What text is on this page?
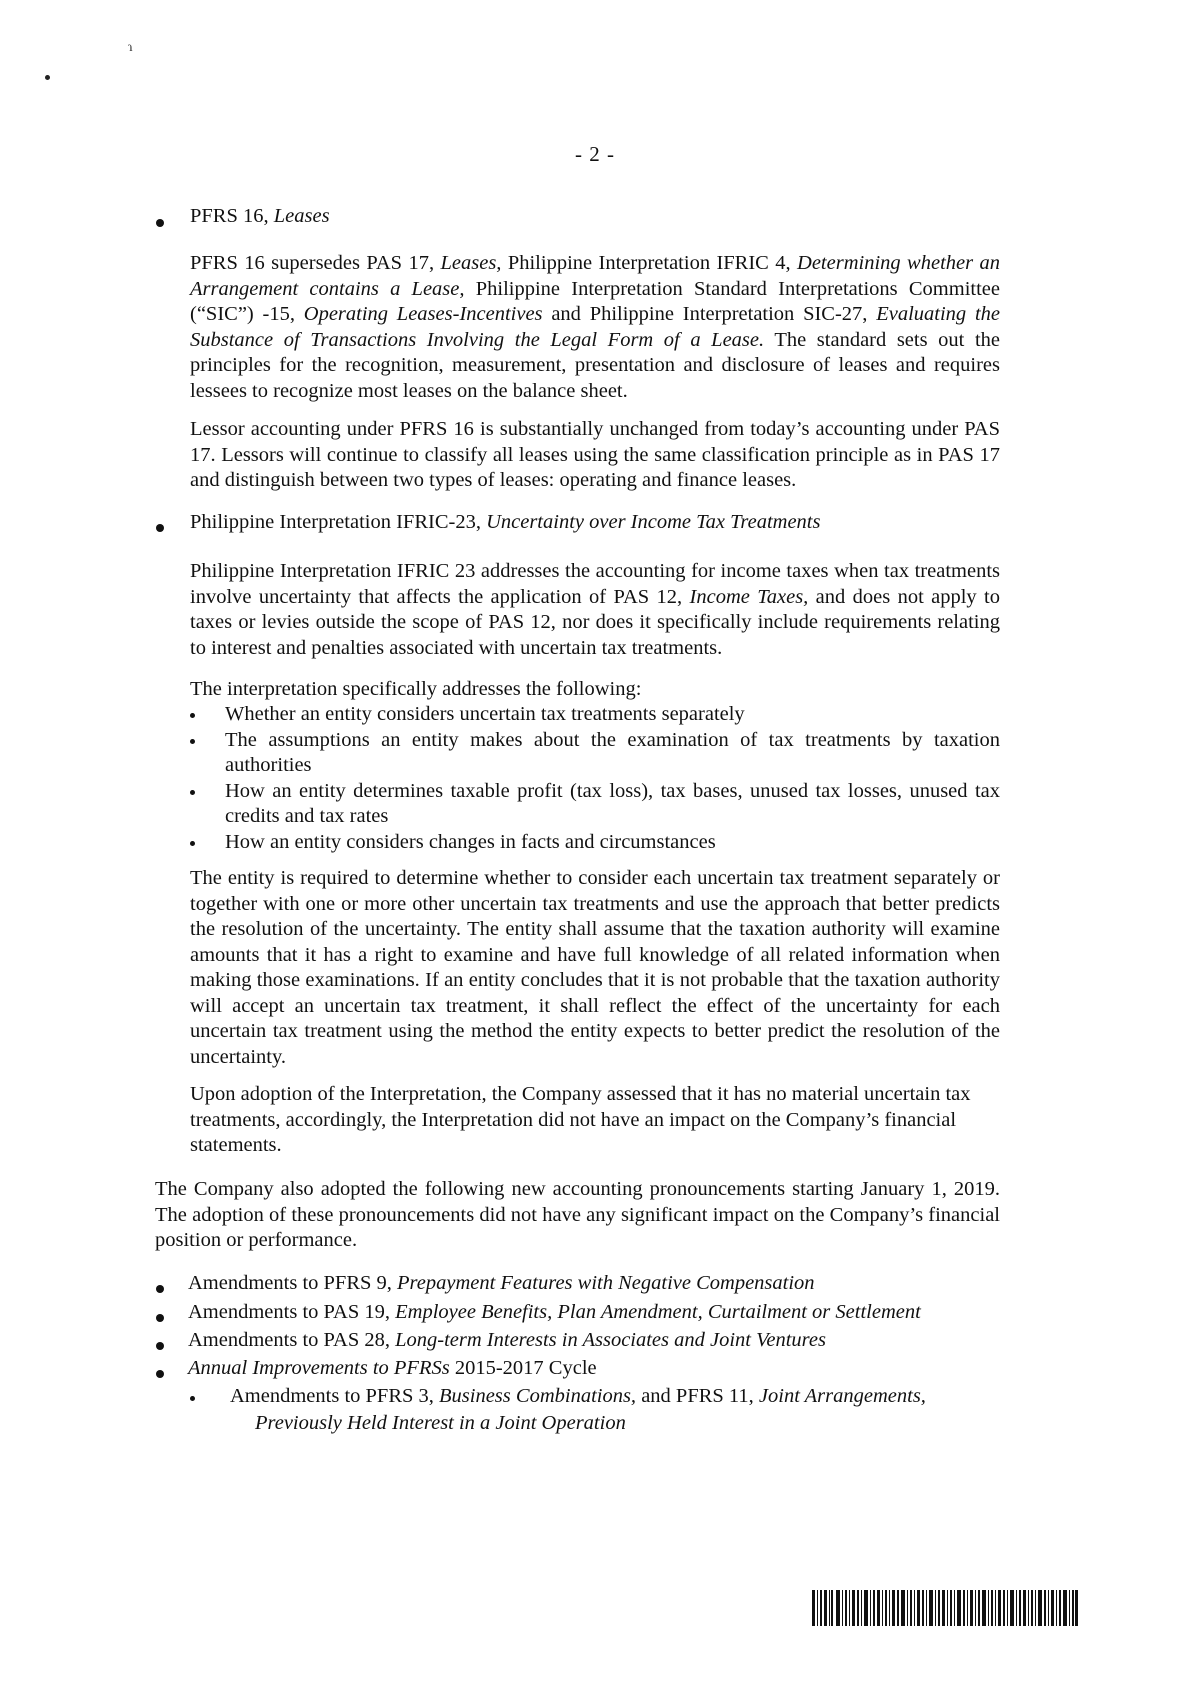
ɿ
- 2 -
PFRS 16, Leases
PFRS 16 supersedes PAS 17, Leases, Philippine Interpretation IFRIC 4, Determining whether an Arrangement contains a Lease, Philippine Interpretation Standard Interpretations Committee (“SIC”) -15, Operating Leases-Incentives and Philippine Interpretation SIC-27, Evaluating the Substance of Transactions Involving the Legal Form of a Lease. The standard sets out the principles for the recognition, measurement, presentation and disclosure of leases and requires lessees to recognize most leases on the balance sheet.
Lessor accounting under PFRS 16 is substantially unchanged from today’s accounting under PAS 17. Lessors will continue to classify all leases using the same classification principle as in PAS 17 and distinguish between two types of leases: operating and finance leases.
Philippine Interpretation IFRIC-23, Uncertainty over Income Tax Treatments
Philippine Interpretation IFRIC 23 addresses the accounting for income taxes when tax treatments involve uncertainty that affects the application of PAS 12, Income Taxes, and does not apply to taxes or levies outside the scope of PAS 12, nor does it specifically include requirements relating to interest and penalties associated with uncertain tax treatments.
The interpretation specifically addresses the following:
Whether an entity considers uncertain tax treatments separately
The assumptions an entity makes about the examination of tax treatments by taxation authorities
How an entity determines taxable profit (tax loss), tax bases, unused tax losses, unused tax credits and tax rates
How an entity considers changes in facts and circumstances
The entity is required to determine whether to consider each uncertain tax treatment separately or together with one or more other uncertain tax treatments and use the approach that better predicts the resolution of the uncertainty. The entity shall assume that the taxation authority will examine amounts that it has a right to examine and have full knowledge of all related information when making those examinations. If an entity concludes that it is not probable that the taxation authority will accept an uncertain tax treatment, it shall reflect the effect of the uncertainty for each uncertain tax treatment using the method the entity expects to better predict the resolution of the uncertainty.
Upon adoption of the Interpretation, the Company assessed that it has no material uncertain tax
treatments, accordingly, the Interpretation did not have an impact on the Company’s financial
statements.
The Company also adopted the following new accounting pronouncements starting January 1, 2019. The adoption of these pronouncements did not have any significant impact on the Company’s financial position or performance.
Amendments to PFRS 9, Prepayment Features with Negative Compensation
Amendments to PAS 19, Employee Benefits, Plan Amendment, Curtailment or Settlement
Amendments to PAS 28, Long-term Interests in Associates and Joint Ventures
Annual Improvements to PFRSs 2015-2017 Cycle
Amendments to PFRS 3, Business Combinations, and PFRS 11, Joint Arrangements,
Previously Held Interest in a Joint Operation
